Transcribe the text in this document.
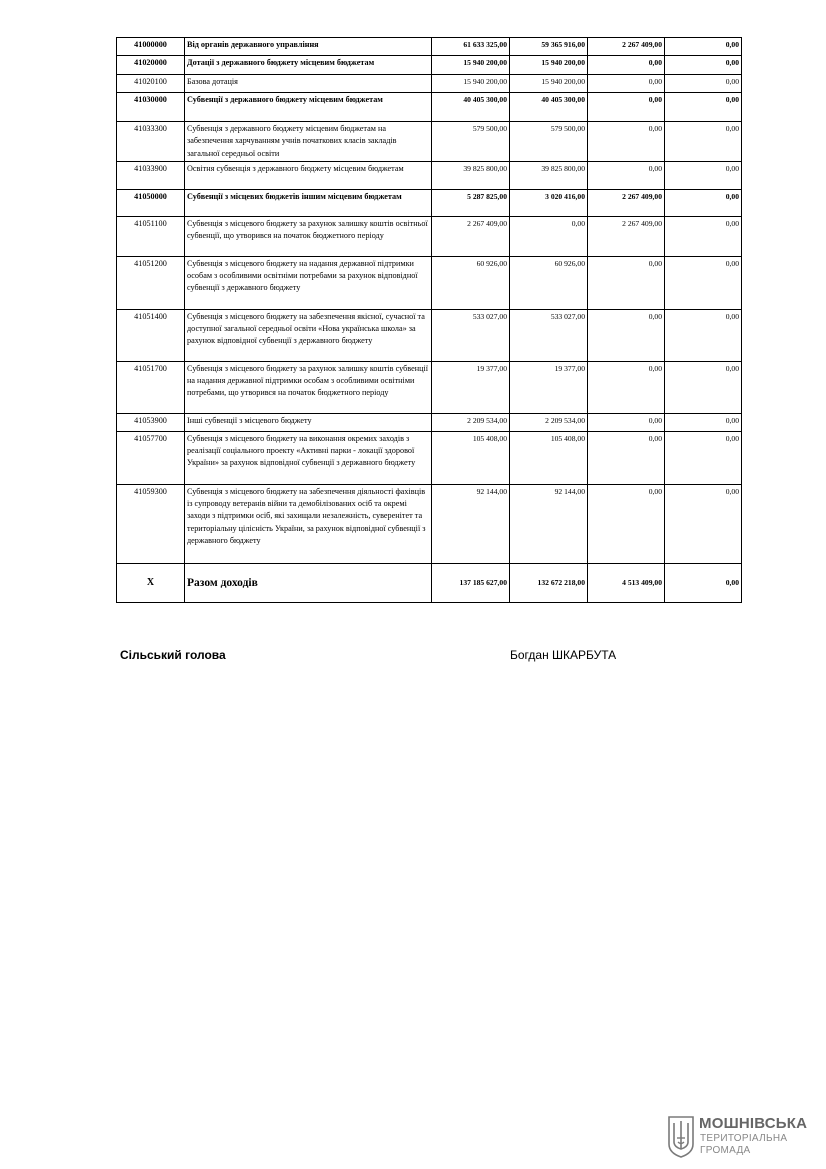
41000000	Від органів державного управління	61 633 325,00	59 365 916,00	2 267 409,00	0,00
41020000	Дотації з державного бюджету місцевим бюджетам	15 940 200,00	15 940 200,00	0,00	0,00
41020100	Базова дотація	15 940 200,00	15 940 200,00	0,00	0,00
41030000	Субвенції з державного бюджету місцевим бюджетам	40 405 300,00	40 405 300,00	0,00	0,00
41033300	Субвенція з державного бюджету місцевим бюджетам на забезпечення харчуванням учнів початкових класів закладів загальної середньої освіти	579 500,00	579 500,00	0,00	0,00
41033900	Освітня субвенція з державного бюджету місцевим бюджетам	39 825 800,00	39 825 800,00	0,00	0,00
41050000	Субвенції з місцевих бюджетів іншим місцевим бюджетам	5 287 825,00	3 020 416,00	2 267 409,00	0,00
41051100	Субвенція з місцевого бюджету за рахунок залишку коштів освітньої субвенції, що утворився на початок бюджетного періоду	2 267 409,00	0,00	2 267 409,00	0,00
41051200	Субвенція з місцевого бюджету на надання державної підтримки особам з особливими освітніми потребами за рахунок відповідної субвенції з державного бюджету	60 926,00	60 926,00	0,00	0,00
41051400	Субвенція з місцевого бюджету на забезпечення якісної, сучасної та доступної загальної середньої освіти «Нова українська школа» за рахунок відповідної субвенції з державного бюджету	533 027,00	533 027,00	0,00	0,00
41051700	Субвенція з місцевого бюджету за рахунок залишку коштів субвенції на надання державної підтримки особам з особливими освітніми потребами, що утворився на початок бюджетного періоду	19 377,00	19 377,00	0,00	0,00
41053900	Інші субвенції з місцевого бюджету	2 209 534,00	2 209 534,00	0,00	0,00
41057700	Субвенція з місцевого бюджету на виконання окремих заходів з реалізації соціального проекту «Активні парки - локації здорової України» за рахунок відповідної субвенції з державного бюджету	105 408,00	105 408,00	0,00	0,00
41059300	Субвенція з місцевого бюджету на забезпечення діяльності фахівців із супроводу ветеранів війни та демобілізованих осіб та окремі заходи з підтримки осіб, які захищали незалежність, суверенітет та територіальну цілісність України, за рахунок відповідної субвенції з державного бюджету	92 144,00	92 144,00	0,00	0,00
X	Разом доходів	137 185 627,00	132 672 218,00	4 513 409,00	0,00
Сільський голова	Богдан ШКАРБУТА
МОШНІВСЬКА
ТЕРИТОРІАЛЬНА
ГРОМАДА
